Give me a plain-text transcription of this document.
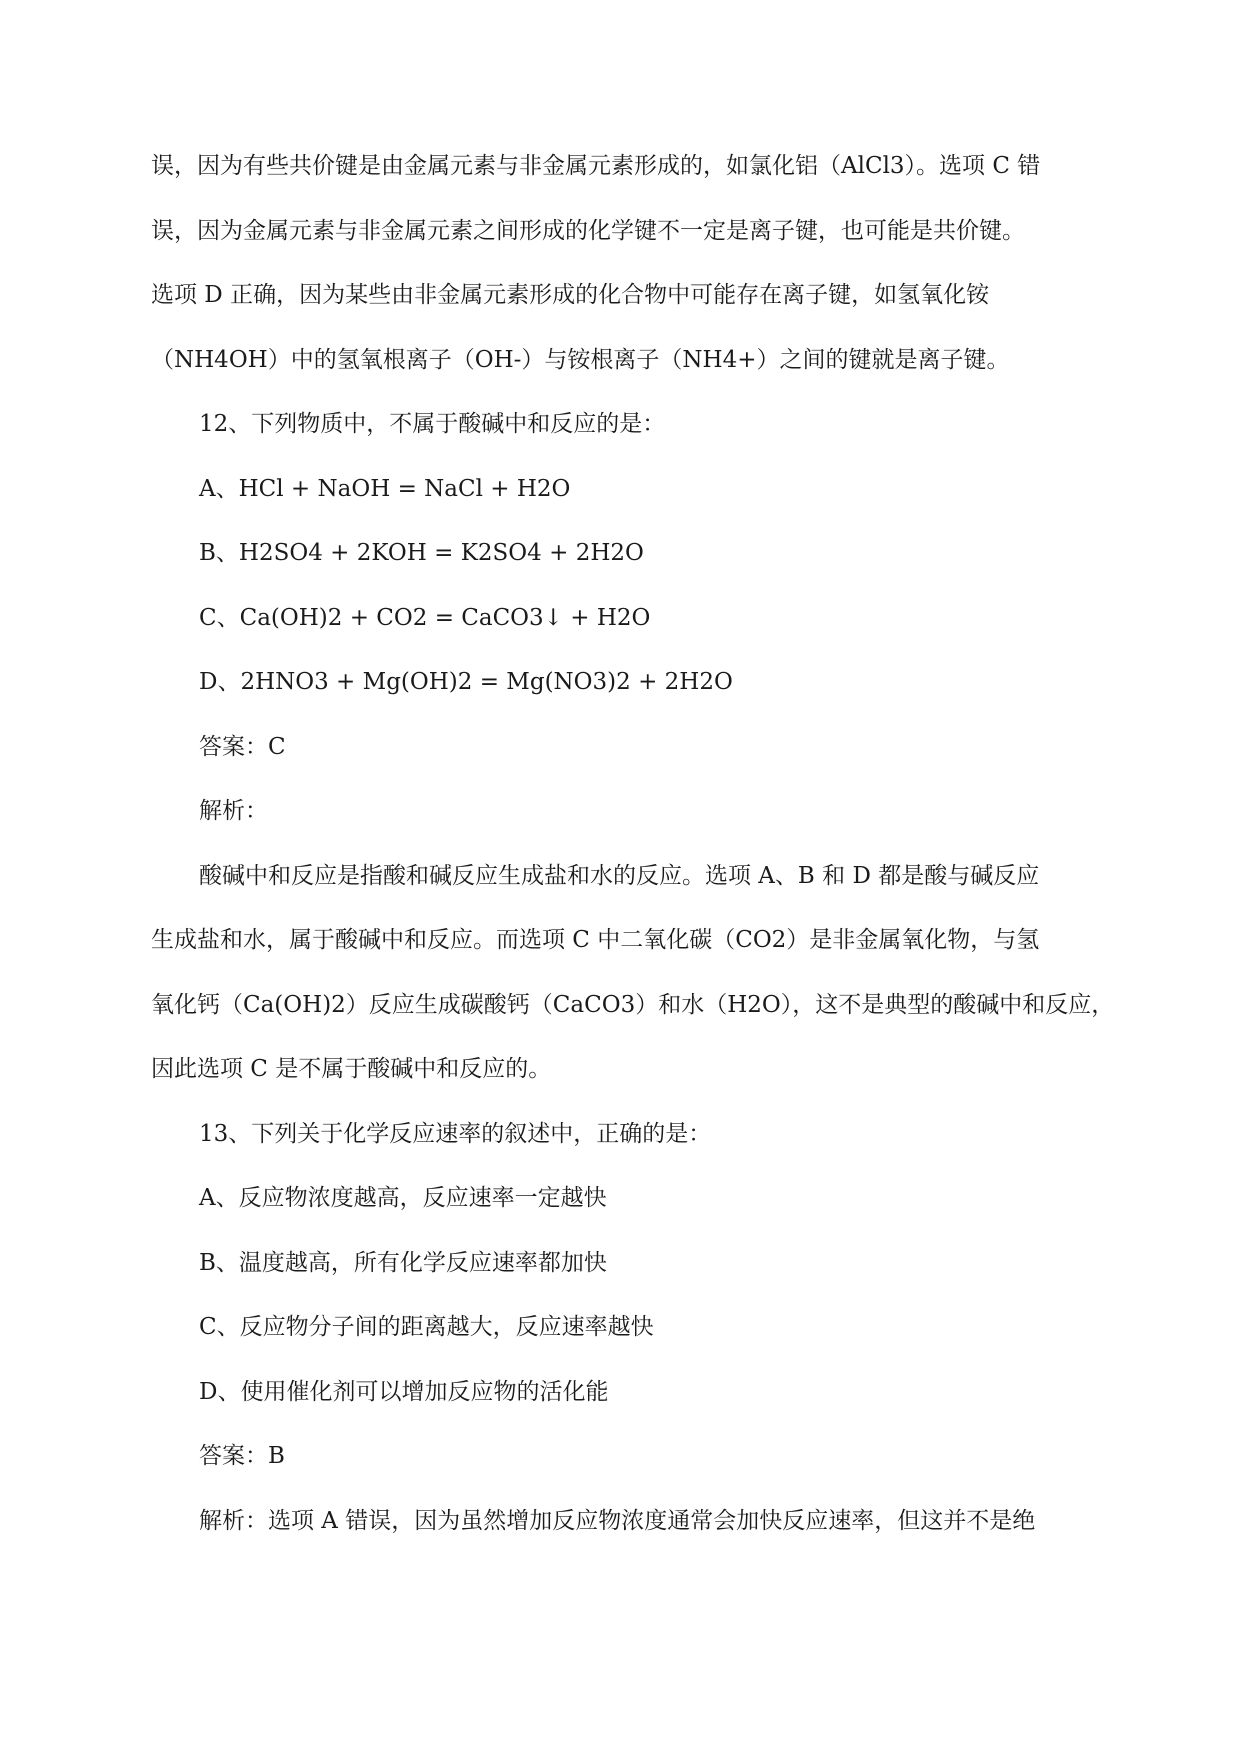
误，因为有些共价键是由金属元素与非金属元素形成的，如氯化铝（AlCl3）。选项 C 错
误，因为金属元素与非金属元素之间形成的化学键不一定是离子键，也可能是共价键。
选项 D 正确，因为某些由非金属元素形成的化合物中可能存在离子键，如氢氧化铵
（NH4OH）中的氢氧根离子（OH-）与铵根离子（NH4+）之间的键就是离子键。
12、下列物质中，不属于酸碱中和反应的是：
A、HCl + NaOH = NaCl + H2O
B、H2SO4 + 2KOH = K2SO4 + 2H2O
C、Ca(OH)2 + CO2 = CaCO3↓ + H2O
D、2HNO3 + Mg(OH)2 = Mg(NO3)2 + 2H2O
答案：C
解析：
酸碱中和反应是指酸和碱反应生成盐和水的反应。选项 A、B 和 D 都是酸与碱反应
生成盐和水，属于酸碱中和反应。而选项 C 中二氧化碳（CO2）是非金属氧化物，与氢
氧化钙（Ca(OH)2）反应生成碳酸钙（CaCO3）和水（H2O），这不是典型的酸碱中和反应，
因此选项 C 是不属于酸碱中和反应的。
13、下列关于化学反应速率的叙述中，正确的是：
A、反应物浓度越高，反应速率一定越快
B、温度越高，所有化学反应速率都加快
C、反应物分子间的距离越大，反应速率越快
D、使用催化剂可以增加反应物的活化能
答案：B
解析：选项 A 错误，因为虽然增加反应物浓度通常会加快反应速率，但这并不是绝
